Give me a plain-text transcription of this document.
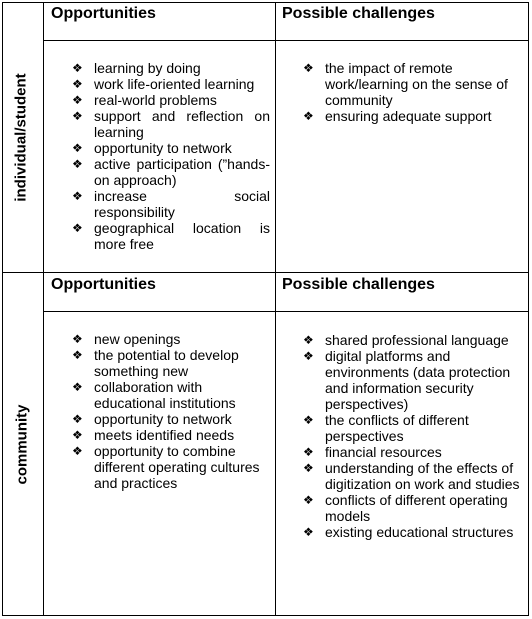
individual/student
community
Opportunities	Possible challenges
Opportunities	Possible challenges
❖ learning by doing
❖ work life-oriented learning
❖ real-world problems
❖ support and reflection on learning
❖ opportunity to network
❖ active participation (”hands-on approach)
❖ increase social responsibility
❖ geographical location is more free
❖ the impact of remote work/learning on the sense of community
❖ ensuring adequate support
❖ new openings
❖ the potential to develop something new
❖ collaboration with educational institutions
❖ opportunity to network
❖ meets identified needs
❖ opportunity to combine different operating cultures and practices
❖ shared professional language
❖ digital platforms and environments (data protection and information security perspectives)
❖ the conflicts of different perspectives
❖ financial resources
❖ understanding of the effects of digitization on work and studies
❖ conflicts of different operating models
❖ existing educational structures
